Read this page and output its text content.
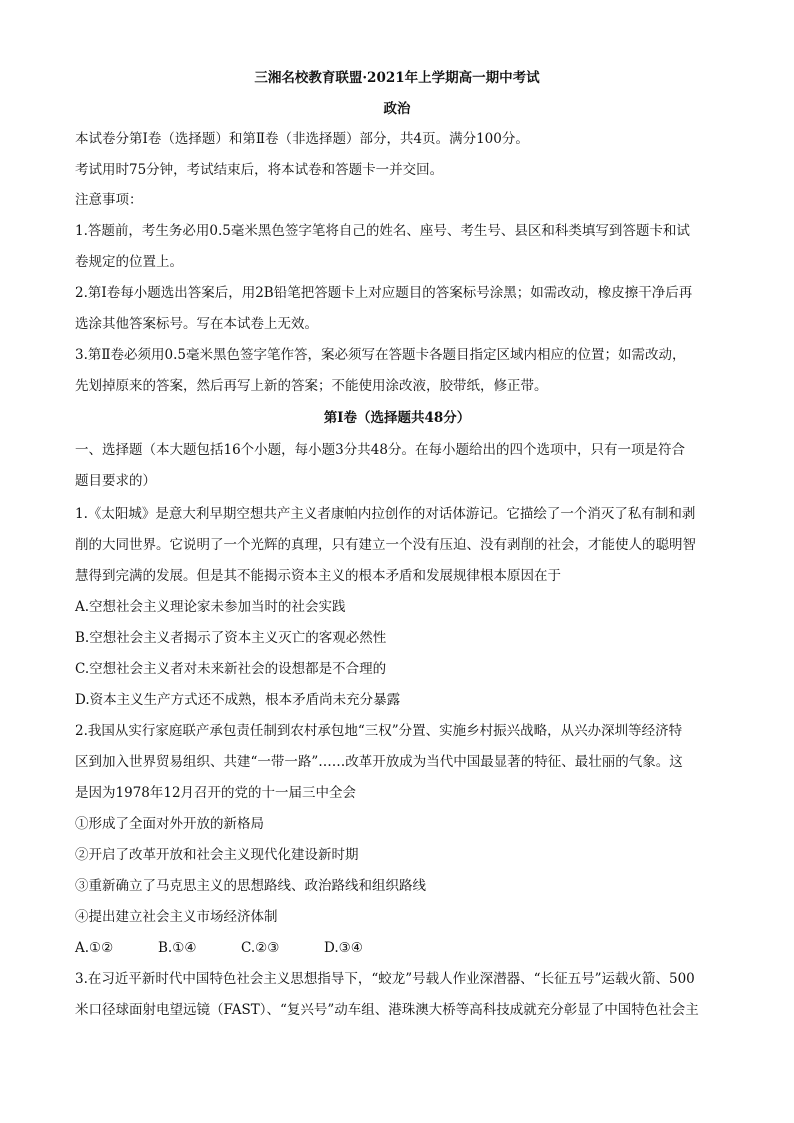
三湘名校教育联盟·2021年上学期高一期中考试
政治
本试卷分第Ⅰ卷（选择题）和第Ⅱ卷（非选择题）部分，共4页。满分100分。
考试用时75分钟，考试结束后，将本试卷和答题卡一并交回。
注意事项：
1.答题前，考生务必用0.5毫米黑色签字笔将自己的姓名、座号、考生号、县区和科类填写到答题卡和试
卷规定的位置上。
2.第Ⅰ卷每小题选出答案后，用2B铅笔把答题卡上对应题目的答案标号涂黑；如需改动，橡皮擦干净后再
选涂其他答案标号。写在本试卷上无效。
3.第Ⅱ卷必须用0.5毫米黑色签字笔作答，案必须写在答题卡各题目指定区域内相应的位置；如需改动，
先划掉原来的答案，然后再写上新的答案；不能使用涂改液，胶带纸，修正带。
第Ⅰ卷（选择题共48分）
一、选择题（本大题包括16个小题，每小题3分共48分。在每小题给出的四个选项中，只有一项是符合
题目要求的）
1.《太阳城》是意大利早期空想共产主义者康帕内拉创作的对话体游记。它描绘了一个消灭了私有制和剥
削的大同世界。它说明了一个光辉的真理，只有建立一个没有压迫、没有剥削的社会，才能使人的聪明智
慧得到完满的发展。但是其不能揭示资本主义的根本矛盾和发展规律根本原因在于
A.空想社会主义理论家未参加当时的社会实践
B.空想社会主义者揭示了资本主义灭亡的客观必然性
C.空想社会主义者对未来新社会的设想都是不合理的
D.资本主义生产方式还不成熟，根本矛盾尚未充分暴露
2.我国从实行家庭联产承包责任制到农村承包地“三权”分置、实施乡村振兴战略，从兴办深圳等经济特
区到加入世界贸易组织、共建“一带一路”……改革开放成为当代中国最显著的特征、最壮丽的气象。这
是因为1978年12月召开的党的十一届三中全会
①形成了全面对外开放的新格局
②开启了改革开放和社会主义现代化建设新时期
③重新确立了马克思主义的思想路线、政治路线和组织路线
④提出建立社会主义市场经济体制
A.①②	B.①④	C.②③	D.③④
3.在习近平新时代中国特色社会主义思想指导下，“蛟龙”号载人作业深潜器、“长征五号”运载火箭、500
米口径球面射电望远镜（FAST）、“复兴号”动车组、港珠澳大桥等高科技成就充分彰显了中国特色社会主
